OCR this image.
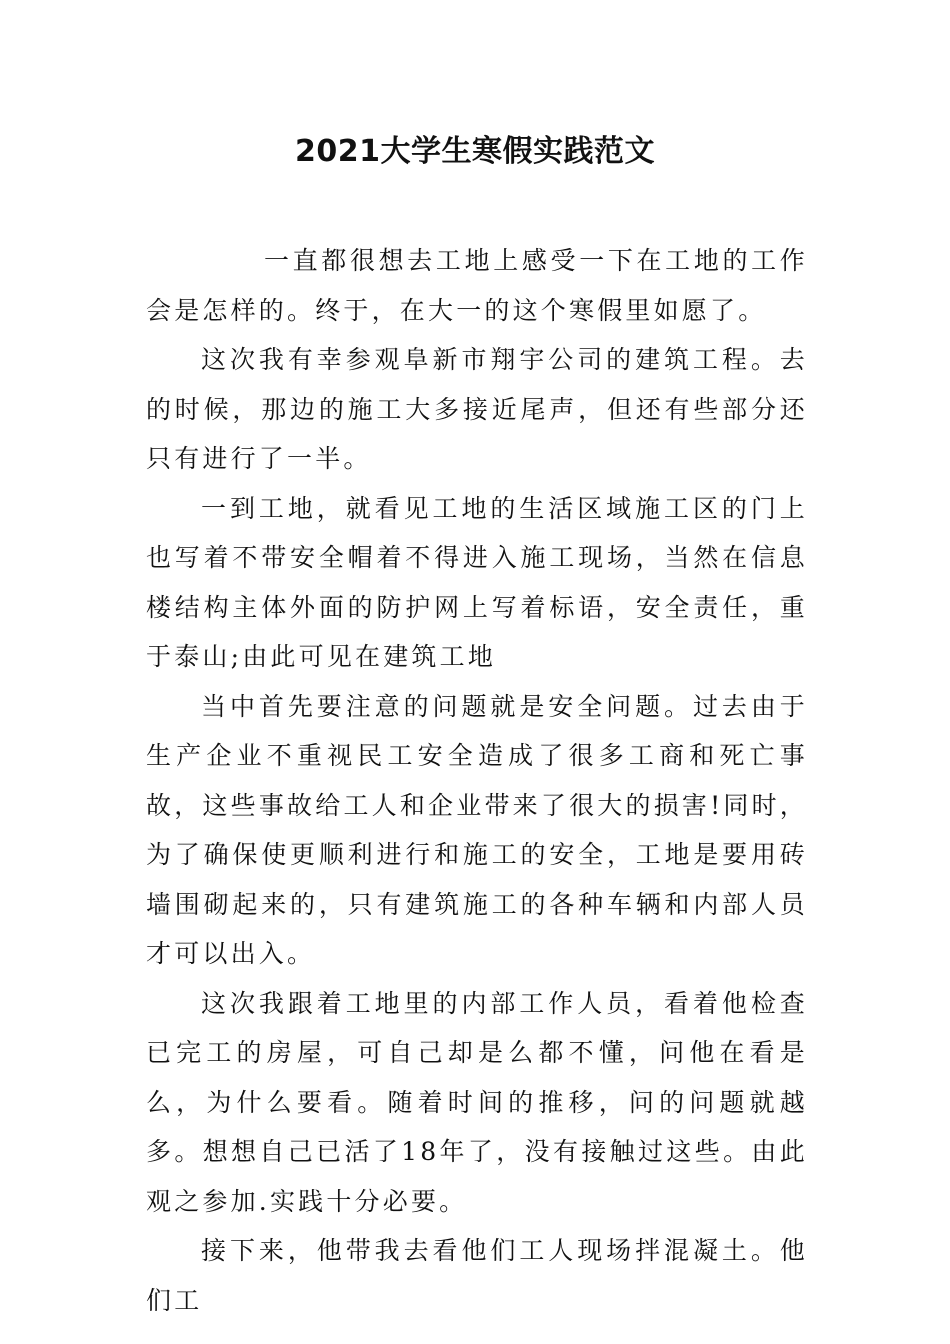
2021大学生寒假实践范文

一直都很想去工地上感受一下在工地的工作会是怎样的。终于，在大一的这个寒假里如愿了。

这次我有幸参观阜新市翔宇公司的建筑工程。去的时候，那边的施工大多接近尾声，但还有些部分还只有进行了一半。

一到工地，就看见工地的生活区域施工区的门上也写着不带安全帽着不得进入施工现场，当然在信息楼结构主体外面的防护网上写着标语，安全责任，重于泰山;由此可见在建筑工地

当中首先要注意的问题就是安全问题。过去由于生产企业不重视民工安全造成了很多工商和死亡事故，这些事故给工人和企业带来了很大的损害!同时，为了确保使更顺利进行和施工的安全，工地是要用砖墙围砌起来的，只有建筑施工的各种车辆和内部人员才可以出入。

这次我跟着工地里的内部工作人员，看着他检查已完工的房屋，可自己却是么都不懂，问他在看是么，为什么要看。随着时间的推移，问的问题就越多。想想自己已活了18年了，没有接触过这些。由此观之参加.实践十分必要。

接下来，他带我去看他们工人现场拌混凝土。他们工
